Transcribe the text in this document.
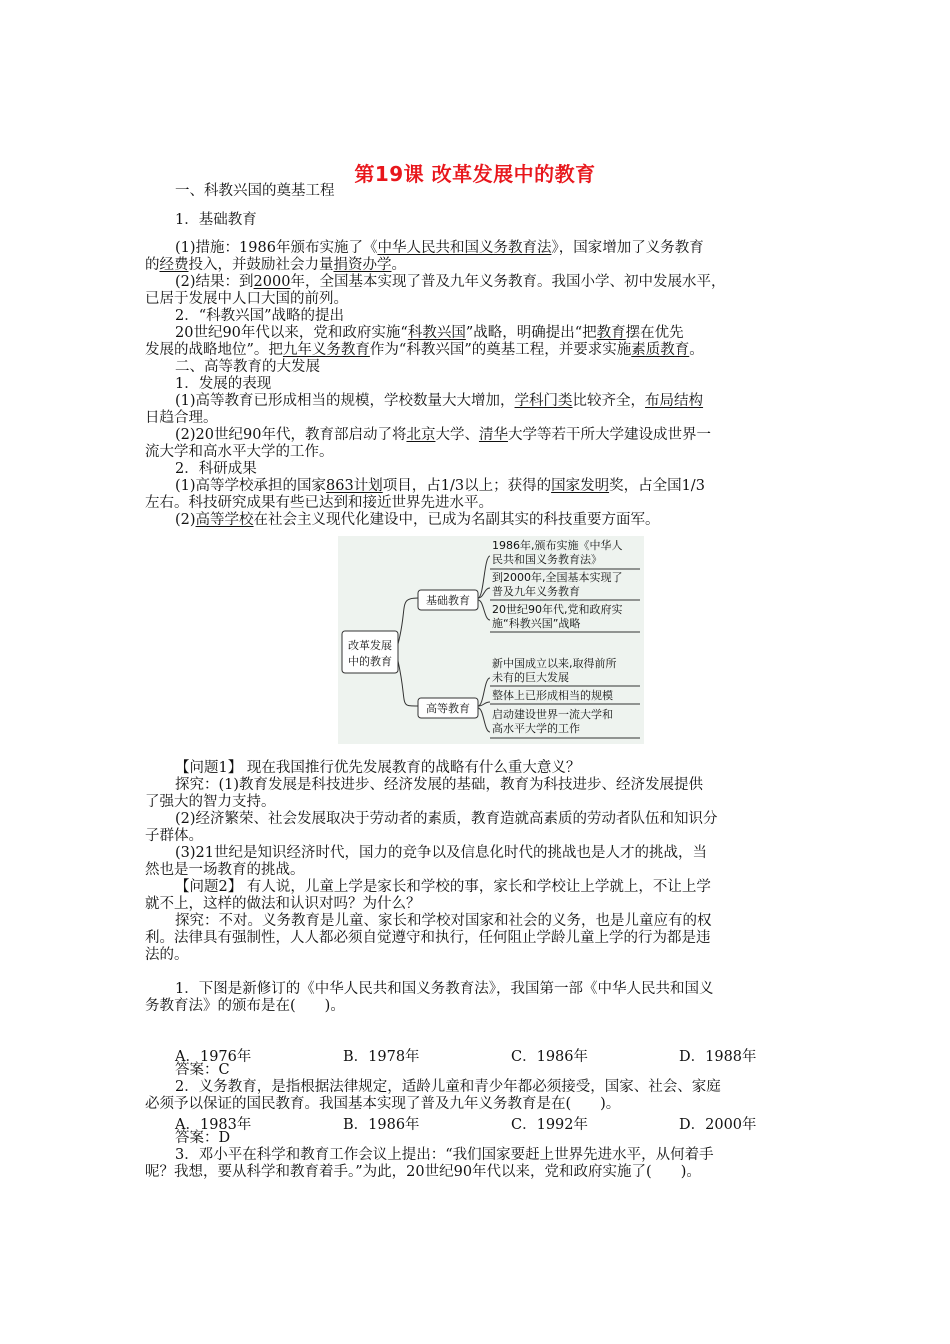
第19课 改革发展中的教育
一、科教兴国的奠基工程
1．基础教育
(1)措施：1986年颁布实施了《中华人民共和国义务教育法》，国家增加了义务教育
的经费投入，并鼓励社会力量捐资办学。
(2)结果：到2000年，全国基本实现了普及九年义务教育。我国小学、初中发展水平，
已居于发展中人口大国的前列。
2．“科教兴国”战略的提出
20世纪90年代以来，党和政府实施“科教兴国”战略，明确提出“把教育摆在优先
发展的战略地位”。把九年义务教育作为“科教兴国”的奠基工程，并要求实施素质教育。
二、高等教育的大发展
1．发展的表现
(1)高等教育已形成相当的规模，学校数量大大增加，学科门类比较齐全，布局结构
日趋合理。
(2)20世纪90年代，教育部启动了将北京大学、清华大学等若干所大学建设成世界一
流大学和高水平大学的工作。
2．科研成果
(1)高等学校承担的国家863计划项目，占1/3以上；获得的国家发明奖，占全国1/3
左右。科技研究成果有些已达到和接近世界先进水平。
(2)高等学校在社会主义现代化建设中，已成为名副其实的科技重要方面军。
改革发展
中的教育
基础教育
1986年,颁布实施《中华人
民共和国义务教育法》
到2000年,全国基本实现了
普及九年义务教育
20世纪90年代,党和政府实
施“科教兴国”战略
高等教育
新中国成立以来,取得前所
未有的巨大发展
整体上已形成相当的规模
启动建设世界一流大学和
高水平大学的工作
【问题1】 现在我国推行优先发展教育的战略有什么重大意义？
探究：(1)教育发展是科技进步、经济发展的基础，教育为科技进步、经济发展提供
了强大的智力支持。
(2)经济繁荣、社会发展取决于劳动者的素质，教育造就高素质的劳动者队伍和知识分
子群体。
(3)21世纪是知识经济时代，国力的竞争以及信息化时代的挑战也是人才的挑战，当
然也是一场教育的挑战。
【问题2】 有人说，儿童上学是家长和学校的事，家长和学校让上学就上，不让上学
就不上，这样的做法和认识对吗？为什么？
探究：不对。义务教育是儿童、家长和学校对国家和社会的义务，也是儿童应有的权
利。法律具有强制性，人人都必须自觉遵守和执行，任何阻止学龄儿童上学的行为都是违
法的。
1．下图是新修订的《中华人民共和国义务教育法》，我国第一部《中华人民共和国义
务教育法》的颁布是在(　　)。
A．1976年	B．1978年	C．1986年	D．1988年
答案：C
2．义务教育，是指根据法律规定，适龄儿童和青少年都必须接受，国家、社会、家庭
必须予以保证的国民教育。我国基本实现了普及九年义务教育是在(　　)。
A．1983年	B．1986年	C．1992年	D．2000年
答案：D
3．邓小平在科学和教育工作会议上提出：“我们国家要赶上世界先进水平，从何着手
呢？我想，要从科学和教育着手。”为此，20世纪90年代以来，党和政府实施了(　　)。
